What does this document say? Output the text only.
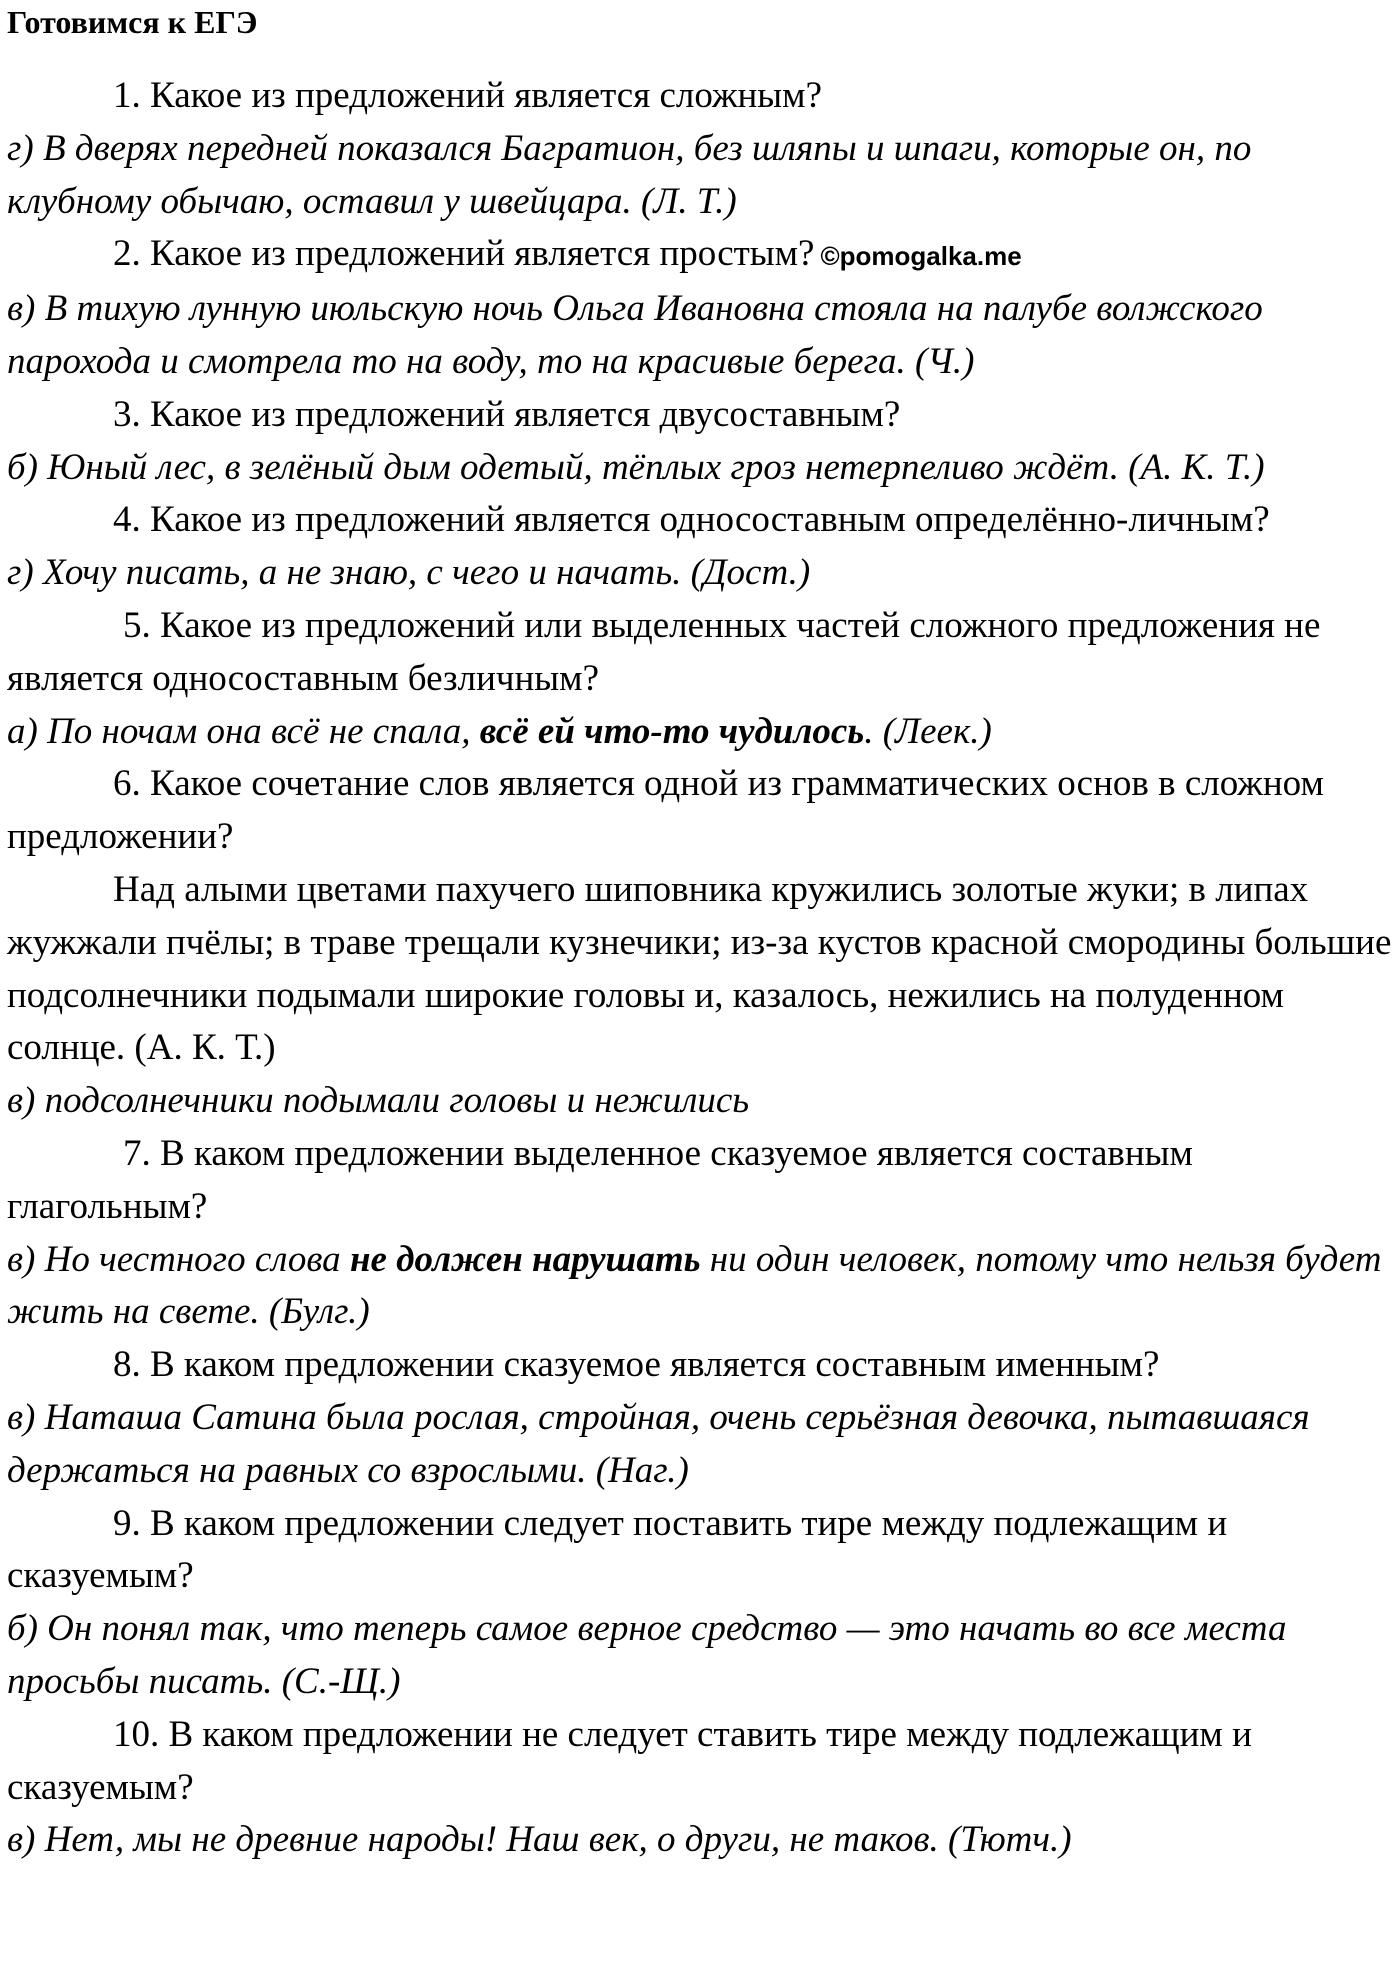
Готовимся к ЕГЭ

1. Какое из предложений является сложным?

г) В дверях передней показался Багратион, без шляпы и шпаги, которые он, по клубному обычаю, оставил у швейцара. (Л. Т.)

2. Какое из предложений является простым? ©pomogalka.me

в) В тихую лунную июльскую ночь Ольга Ивановна стояла на палубе волжского парохода и смотрела то на воду, то на красивые берега. (Ч.)

3. Какое из предложений является двусоставным?

б) Юный лес, в зелёный дым одетый, тёплых гроз нетерпеливо ждёт. (А. К. Т.)

4. Какое из предложений является односоставным определённо-личным?

г) Хочу писать, а не знаю, с чего и начать. (Дост.)

5. Какое из предложений или выделенных частей сложного предложения не является односоставным безличным?

а) По ночам она всё не спала, всё ей что-то чудилось. (Леек.)

6. Какое сочетание слов является одной из грамматических основ в сложном предложении?

Над алыми цветами пахучего шиповника кружились золотые жуки; в липах жужжали пчёлы; в траве трещали кузнечики; из-за кустов красной смородины большие подсолнечники подымали широкие головы и, казалось, нежились на полуденном солнце. (А. К. Т.)

в) подсолнечники подымали головы и нежились

7. В каком предложении выделенное сказуемое является составным глагольным?

в) Но честного слова не должен нарушать ни один человек, потому что нельзя будет жить на свете. (Булг.)

8. В каком предложении сказуемое является составным именным?

в) Наташа Сатина была рослая, стройная, очень серьёзная девочка, пытавшаяся держаться на равных со взрослыми. (Наг.)

9. В каком предложении следует поставить тире между подлежащим и сказуемым?

б) Он понял так, что теперь самое верное средство — это начать во все места просьбы писать. (С.-Щ.)

10. В каком предложении не следует ставить тире между подлежащим и сказуемым?

в) Нет, мы не древние народы! Наш век, о други, не таков. (Тютч.)
